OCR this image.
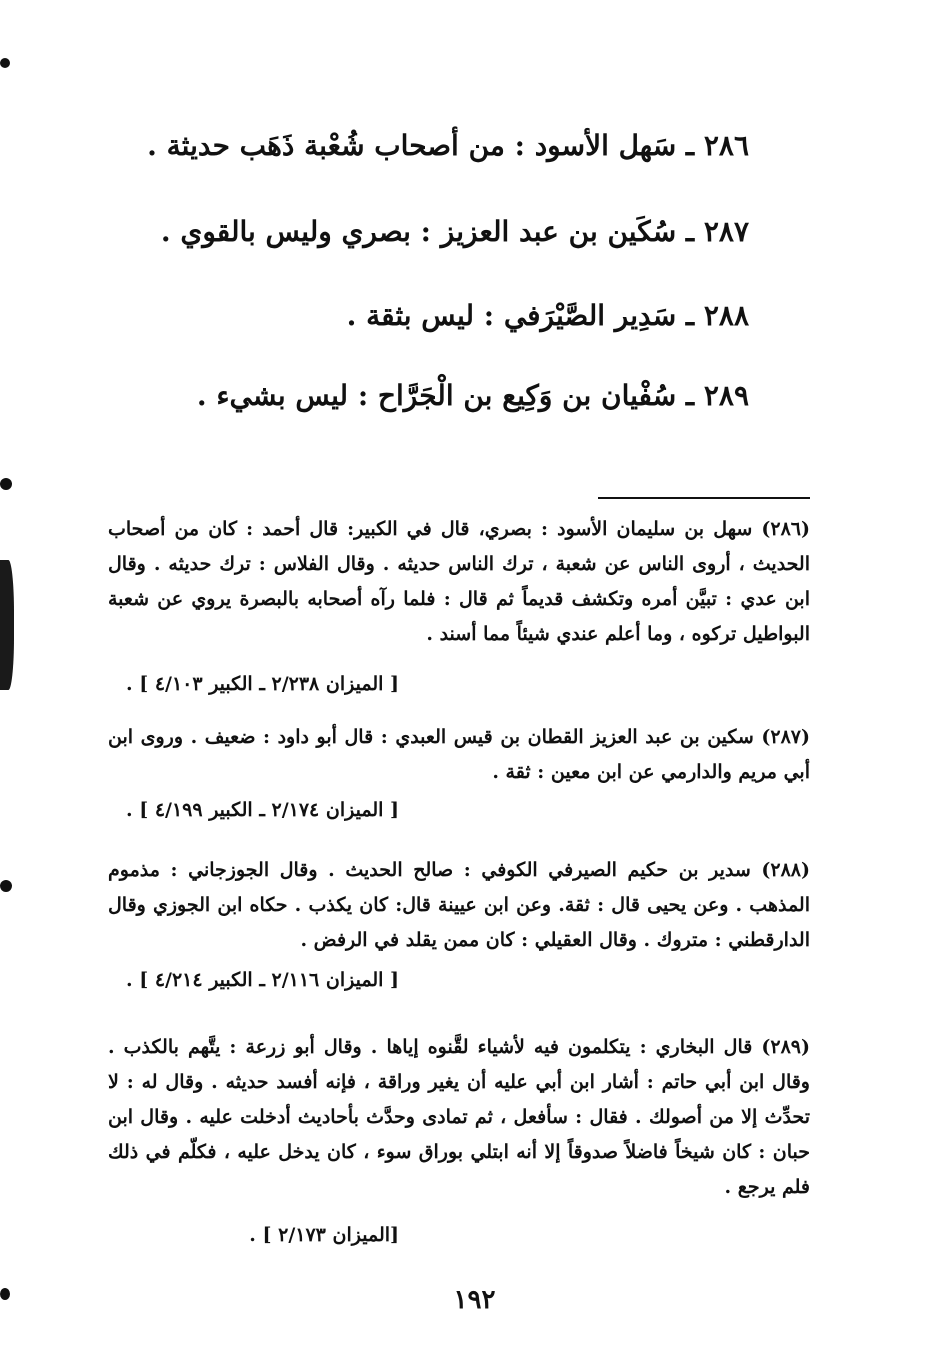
٢٨٦ ـ سَهل الأسود : من أصحاب شُعْبة ذَهَب حديثة .
٢٨٧ ـ سُكَين بن عبد العزيز : بصري وليس بالقوي .
٢٨٨ ـ سَدِير الصَّيْرَفي : ليس بثقة .
٢٨٩ ـ سُفْيان بن وَكِيع بن الْجَرَّاح : ليس بشيء .
(٢٨٦) سهل بن سليمان الأسود : بصري، قال في الكبير: قال أحمد : كان من أصحاب الحديث ، أروى الناس عن شعبة ، ترك الناس حديثه . وقال الفلاس : ترك حديثه . وقال ابن عدي : تبيَّن أمره وتكشف قديماً ثم قال : فلما رآه أصحابه بالبصرة يروي عن شعبة البواطيل تركوه ، وما أعلم عندي شيئاً مما أسند .
[ الميزان ٢/٢٣٨ ـ الكبير ٤/١٠٣ ] .
(٢٨٧) سكين بن عبد العزيز القطان بن قيس العبدي : قال أبو داود : ضعيف . وروى ابن أبي مريم والدارمي عن ابن معين : ثقة .
[ الميزان ٢/١٧٤ ـ الكبير ٤/١٩٩ ] .
(٢٨٨) سدير بن حكيم الصيرفي الكوفي : صالح الحديث . وقال الجوزجاني : مذموم المذهب . وعن يحيى قال : ثقة. وعن ابن عيينة قال: كان يكذب . حكاه ابن الجوزي وقال الدارقطني : متروك . وقال العقيلي : كان ممن يقلد في الرفض .
[ الميزان ٢/١١٦ ـ الكبير ٤/٢١٤ ] .
(٢٨٩) قال البخاري : يتكلمون فيه لأشياء لقَّنوه إياها . وقال أبو زرعة : يتَّهم بالكذب . وقال ابن أبي حاتم : أشار ابن أبي عليه أن يغير وراقة ، فإنه أفسد حديثه . وقال له : لا تحدِّث إلا من أصولك . فقال : سأفعل ، ثم تمادى وحدَّث بأحاديث أدخلت عليه . وقال ابن حبان : كان شيخاً فاضلاً صدوقاً إلا أنه ابتلي بوراق سوء ، كان يدخل عليه ، فكلّم في ذلك فلم يرجع .
[الميزان ٢/١٧٣ ] .
١٩٢
